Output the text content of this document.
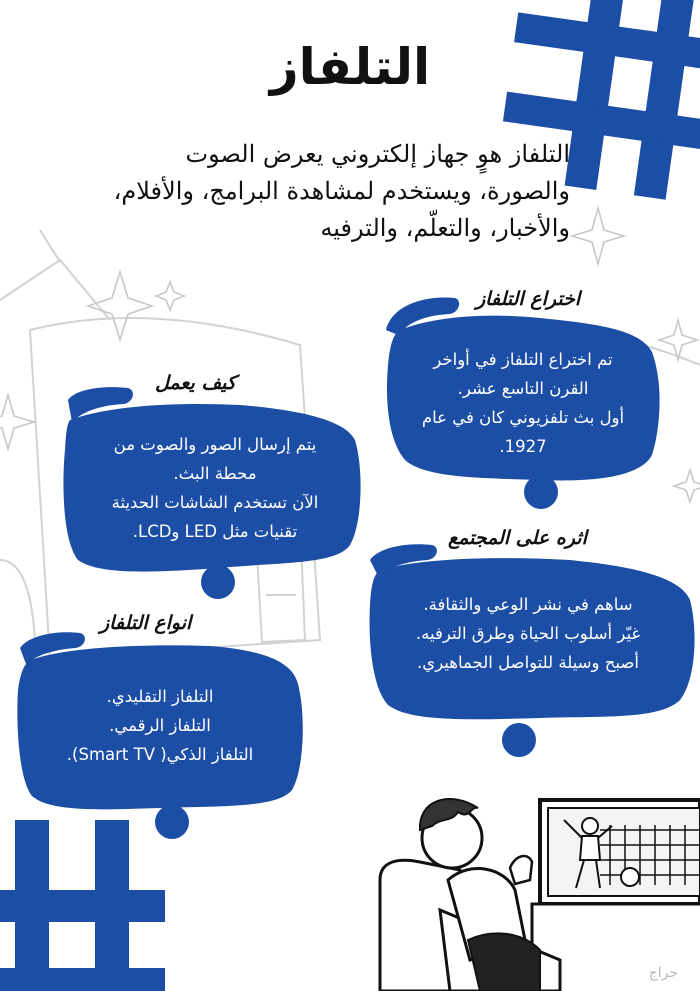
التلفاز
التلفاز هوٍ جهاز إلكتروني يعرض الصوت
والصورة، ويستخدم لمشاهدة البرامج، والأفلام،
والأخبار، والتعلّم، والترفيه
اختراع التلفاز
تم اختراع التلفاز في أواخر
القرن التاسع عشر.
أول بث تلفزيوني كان في عام
1927.
كيف يعمل
يتم إرسال الصور والصوت من
محطة البث.
الآن تستخدم الشاشات الحديثة
تقنيات مثل LED وLCD.	اثره على المجتمع
ساهم في نشر الوعي والثقافة.
غيّر أسلوب الحياة وطرق الترفيه.
أصبح وسيلة للتواصل الجماهيري.
انواع التلفاز
التلفاز التقليدي.
التلفاز الرقمي.
التلفاز الذكي( Smart TV).
حراج
